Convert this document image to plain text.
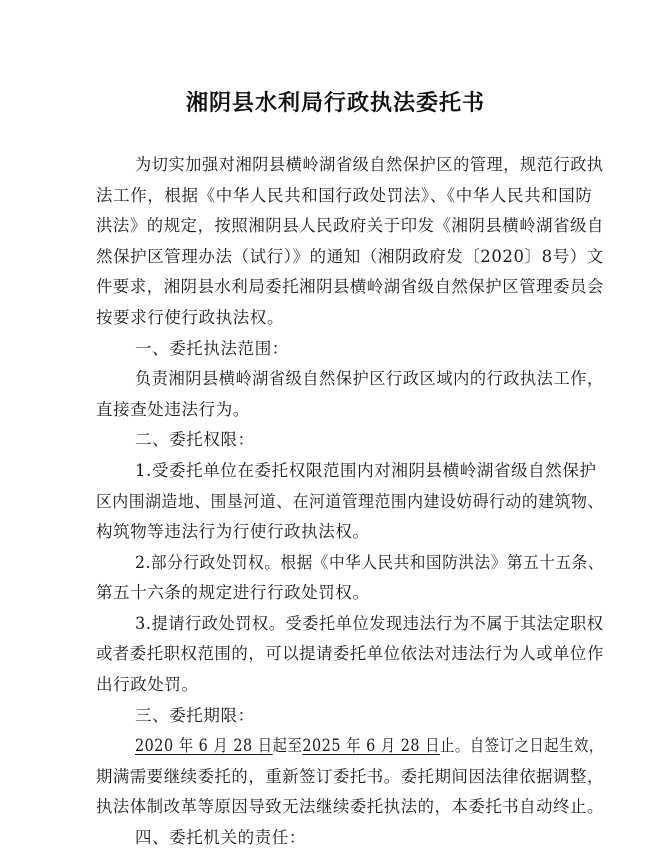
湘阴县水利局行政执法委托书

为切实加强对湘阴县横岭湖省级自然保护区的管理，规范行政执

法工作，根据《中华人民共和国行政处罚法》、《中华人民共和国防

洪法》的规定，按照湘阴县人民政府关于印发《湘阴县横岭湖省级自

然保护区管理办法（试行）》的通知（湘阴政府发〔2020〕8号）文

件要求，湘阴县水利局委托湘阴县横岭湖省级自然保护区管理委员会

按要求行使行政执法权。

一、委托执法范围：

负责湘阴县横岭湖省级自然保护区行政区域内的行政执法工作，

直接查处违法行为。

二、委托权限：

1.受委托单位在委托权限范围内对湘阴县横岭湖省级自然保护

区内围湖造地、围垦河道、在河道管理范围内建设妨碍行动的建筑物、

构筑物等违法行为行使行政执法权。

2.部分行政处罚权。根据《中华人民共和国防洪法》第五十五条、

第五十六条的规定进行行政处罚权。

3.提请行政处罚权。受委托单位发现违法行为不属于其法定职权

或者委托职权范围的，可以提请委托单位依法对违法行为人或单位作

出行政处罚。

三、委托期限：

2020 年 6 月 28 日起至2025 年 6 月 28 日止。自签订之日起生效，

期满需要继续委托的，重新签订委托书。委托期间因法律依据调整，

执法体制改革等原因导致无法继续委托执法的，本委托书自动终止。

四、委托机关的责任：
